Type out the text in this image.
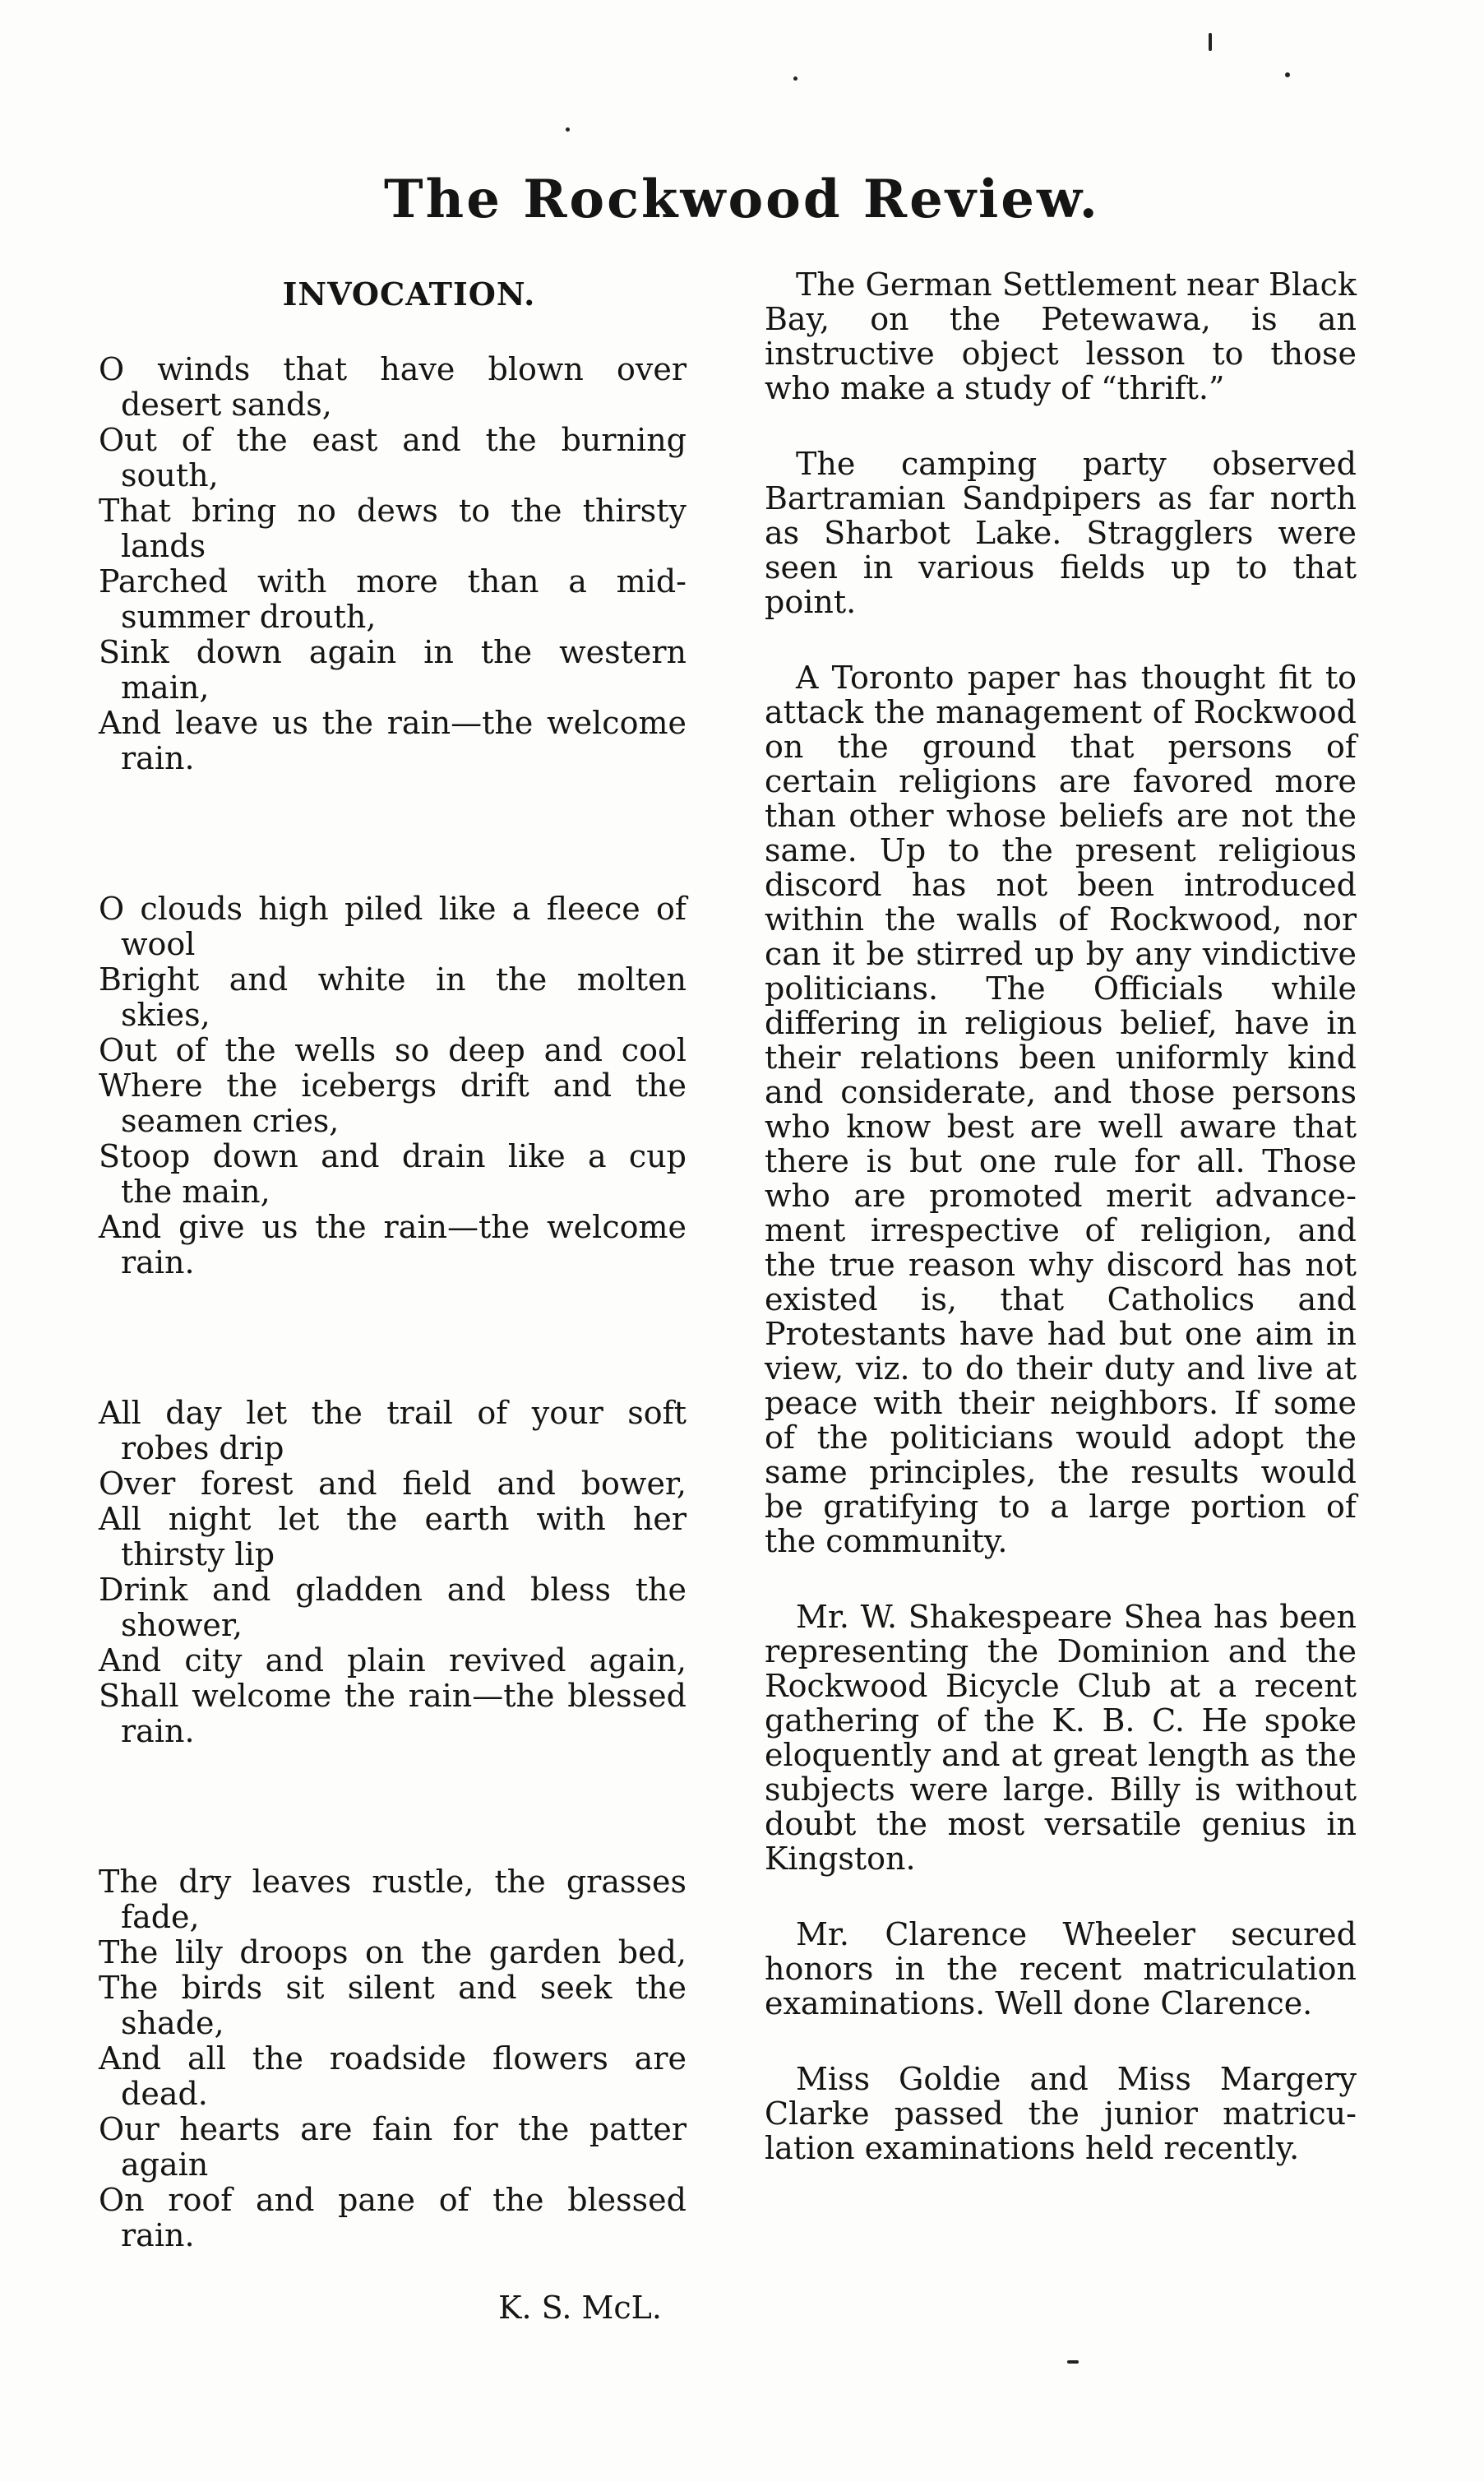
The Rockwood Review.
INVOCATION.
O winds that have blown over
desert sands,
Out of the east and the burning
south,
That bring no dews to the thirsty
lands
Parched with more than a mid-
summer drouth,
Sink down again in the western
main,
And leave us the rain—the welcome
rain.
O clouds high piled like a fleece of
wool
Bright and white in the molten
skies,
Out of the wells so deep and cool
Where the icebergs drift and the
seamen cries,
Stoop down and drain like a cup
the main,
And give us the rain—the welcome
rain.
All day let the trail of your soft
robes drip
Over forest and field and bower,
All night let the earth with her
thirsty lip
Drink and gladden and bless the
shower,
And city and plain revived again,
Shall welcome the rain—the blessed
rain.
The dry leaves rustle, the grasses
fade,
The lily droops on the garden bed,
The birds sit silent and seek the
shade,
And all the roadside flowers are
dead.
Our hearts are fain for the patter
again
On roof and pane of the blessed
rain.
K. S. McL.

The German Settlement near Black Bay, on the Petewawa, is an instructive object lesson to those who make a study of “thrift.”

The camping party observed Bartramian Sandpipers as far north as Sharbot Lake. Stragglers were seen in various fields up to that point.

A Toronto paper has thought fit to attack the management of Rockwood on the ground that persons of certain religions are favored more than other whose beliefs are not the same. Up to the present religious discord has not been introduced within the walls of Rockwood, nor can it be stirred up by any vindictive politicians. The Officials while differing in religious belief, have in their relations been uniformly kind and considerate, and those persons who know best are well aware that there is but one rule for all. Those who are promoted merit advancement irrespective of religion, and the true reason why discord has not existed is, that Catholics and Protestants have had but one aim in view, viz. to do their duty and live at peace with their neighbors. If some of the politicians would adopt the same principles, the results would be gratifying to a large portion of the community.

Mr. W. Shakespeare Shea has been representing the Dominion and the Rockwood Bicycle Club at a recent gathering of the K. B. C. He spoke eloquently and at great length as the subjects were large. Billy is without doubt the most versatile genius in Kingston.

Mr. Clarence Wheeler secured honors in the recent matriculation examinations. Well done Clarence.

Miss Goldie and Miss Margery Clarke passed the junior matriculation examinations held recently.
